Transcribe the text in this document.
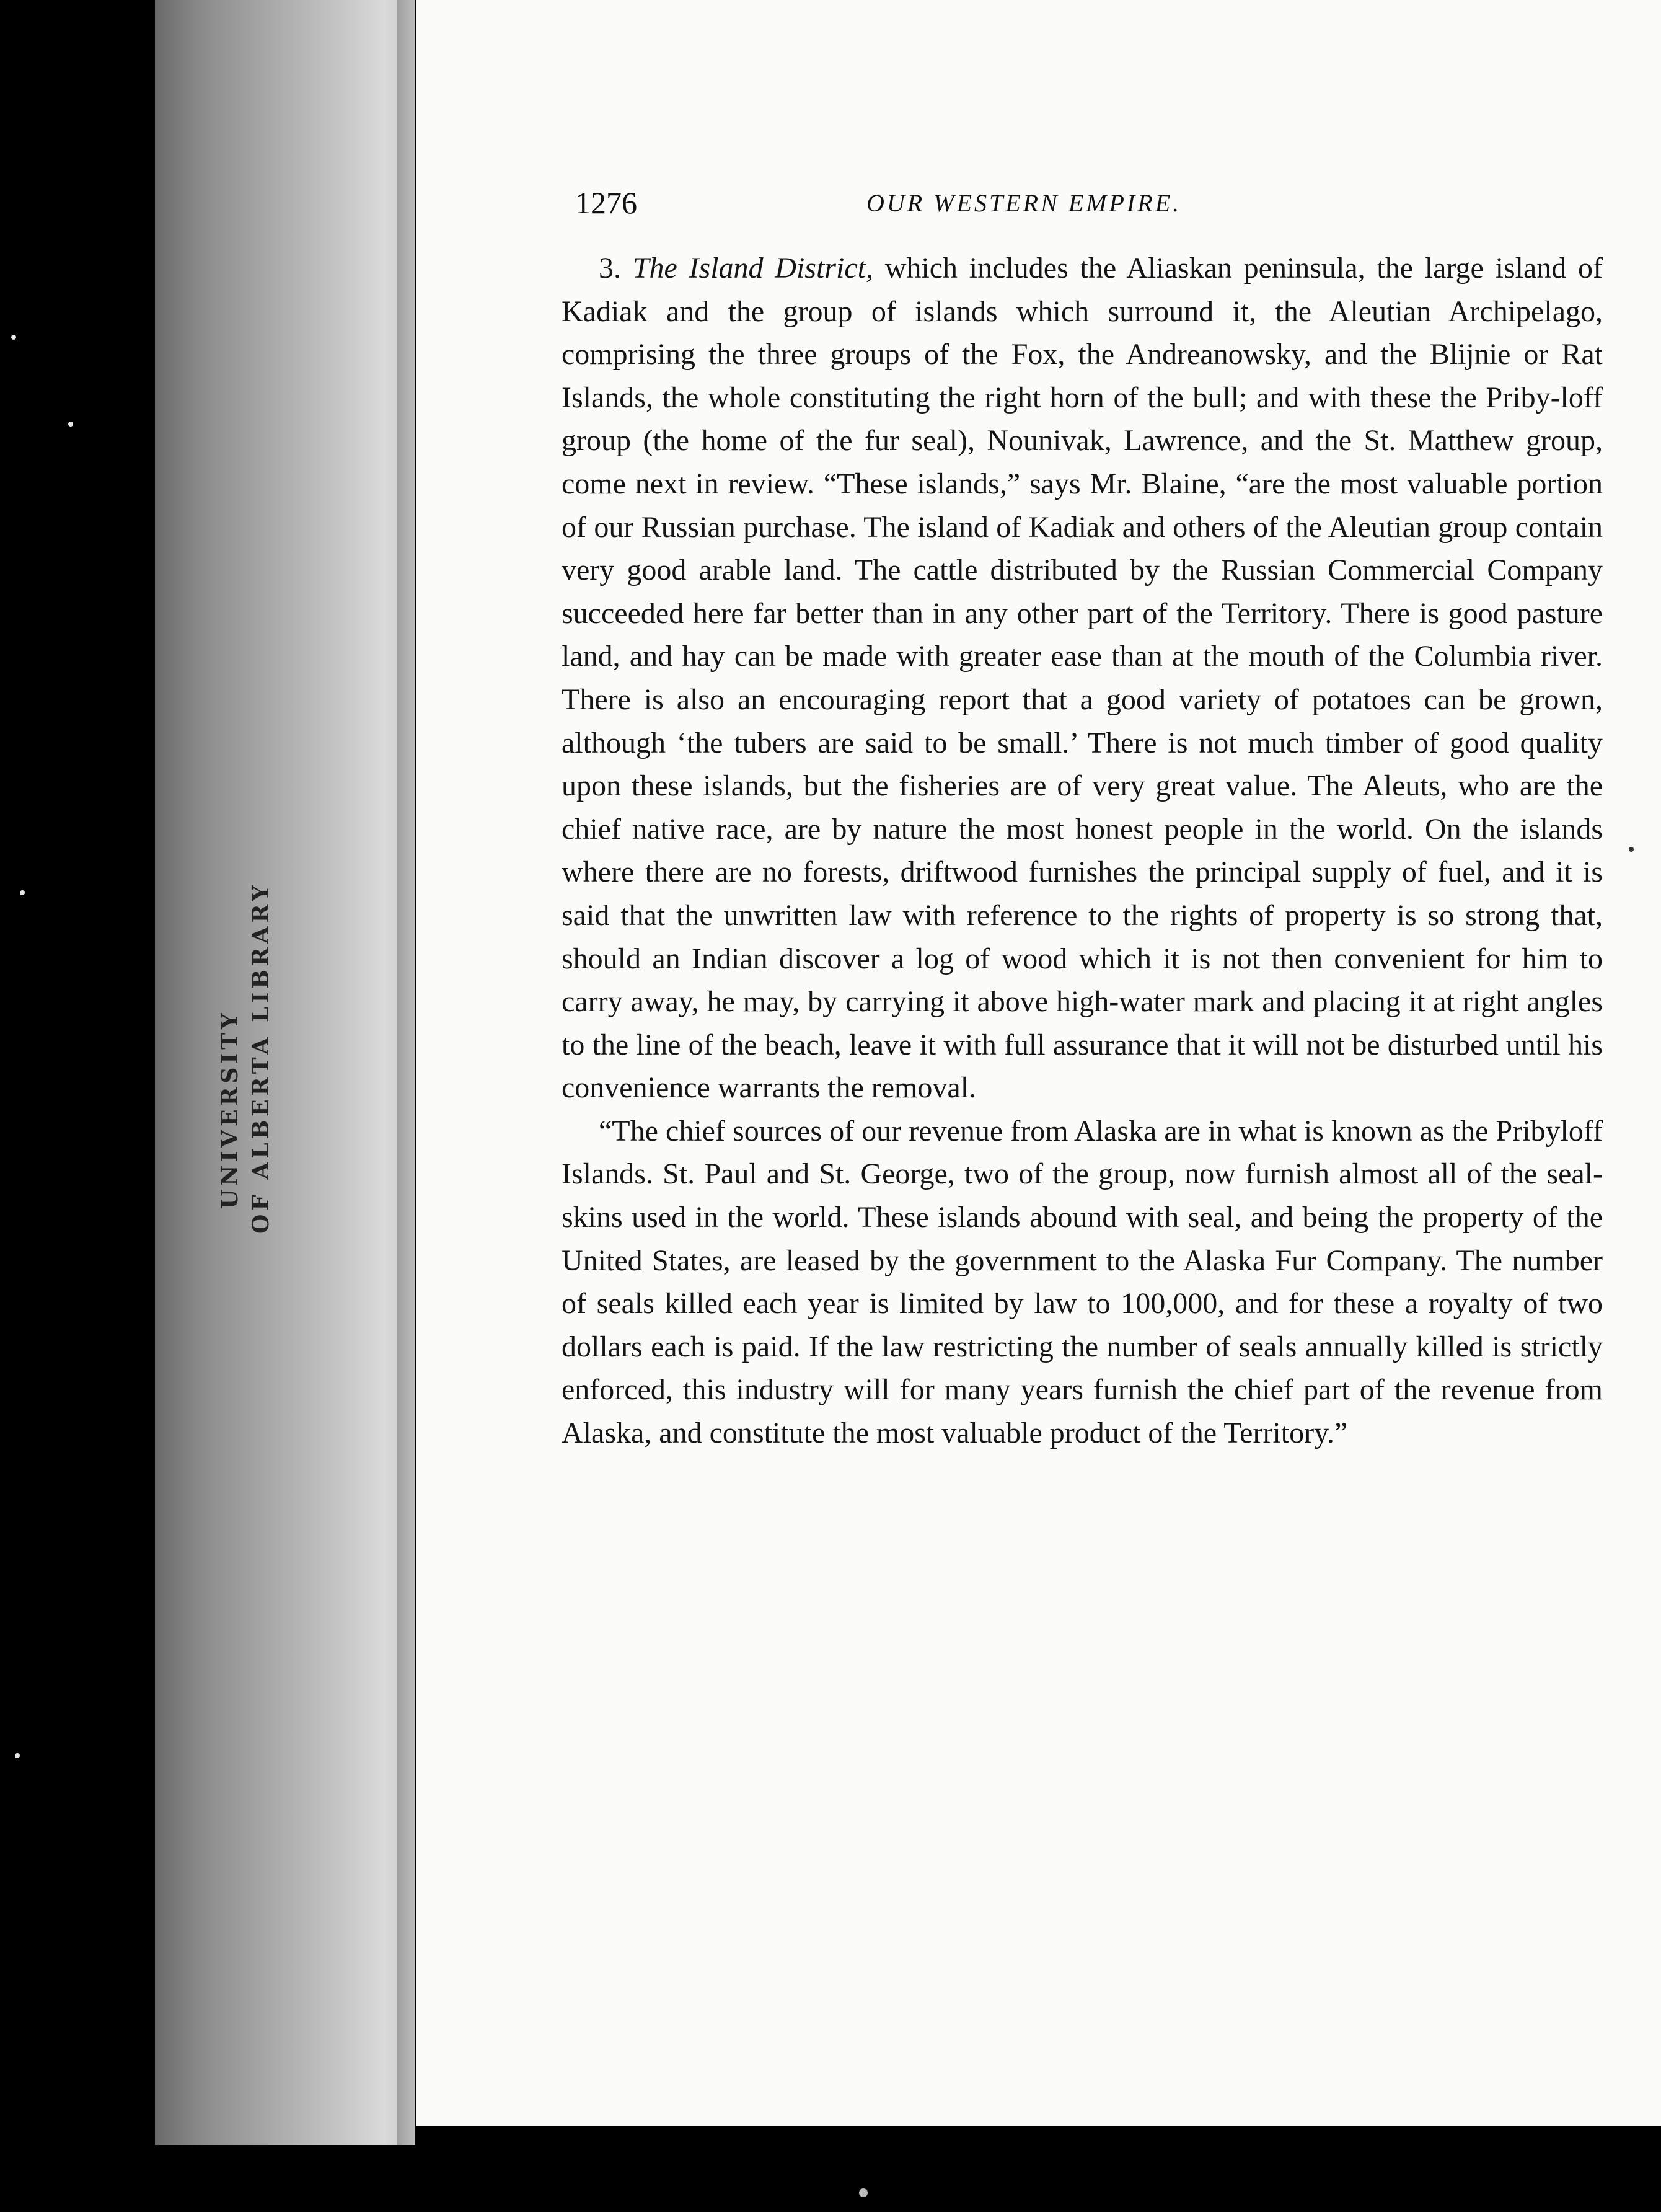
UNIVERSITY OF ALBERTA LIBRARY
1276	OUR WESTERN EMPIRE.

3. The Island District, which includes the Aliaskan peninsula, the large island of Kadiak and the group of islands which surround it, the Aleutian Archipelago, comprising the three groups of the Fox, the Andreanowsky, and the Blijnie or Rat Islands, the whole constituting the right horn of the bull; and with these the Priby-loff group (the home of the fur seal), Nounivak, Lawrence, and the St. Matthew group, come next in review. “These islands,” says Mr. Blaine, “are the most valuable portion of our Russian purchase. The island of Kadiak and others of the Aleutian group contain very good arable land. The cattle distributed by the Russian Commercial Company succeeded here far better than in any other part of the Territory. There is good pasture land, and hay can be made with greater ease than at the mouth of the Columbia river. There is also an encouraging report that a good variety of potatoes can be grown, although ‘the tubers are said to be small.’ There is not much timber of good quality upon these islands, but the fisheries are of very great value. The Aleuts, who are the chief native race, are by nature the most honest people in the world. On the islands where there are no forests, driftwood furnishes the principal supply of fuel, and it is said that the unwritten law with reference to the rights of property is so strong that, should an Indian discover a log of wood which it is not then convenient for him to carry away, he may, by carrying it above high-water mark and placing it at right angles to the line of the beach, leave it with full assurance that it will not be disturbed until his convenience warrants the removal.

“The chief sources of our revenue from Alaska are in what is known as the Pribyloff Islands. St. Paul and St. George, two of the group, now furnish almost all of the seal-skins used in the world. These islands abound with seal, and being the property of the United States, are leased by the government to the Alaska Fur Company. The number of seals killed each year is limited by law to 100,000, and for these a royalty of two dollars each is paid. If the law restricting the number of seals annually killed is strictly enforced, this industry will for many years furnish the chief part of the revenue from Alaska, and constitute the most valuable product of the Territory.”
